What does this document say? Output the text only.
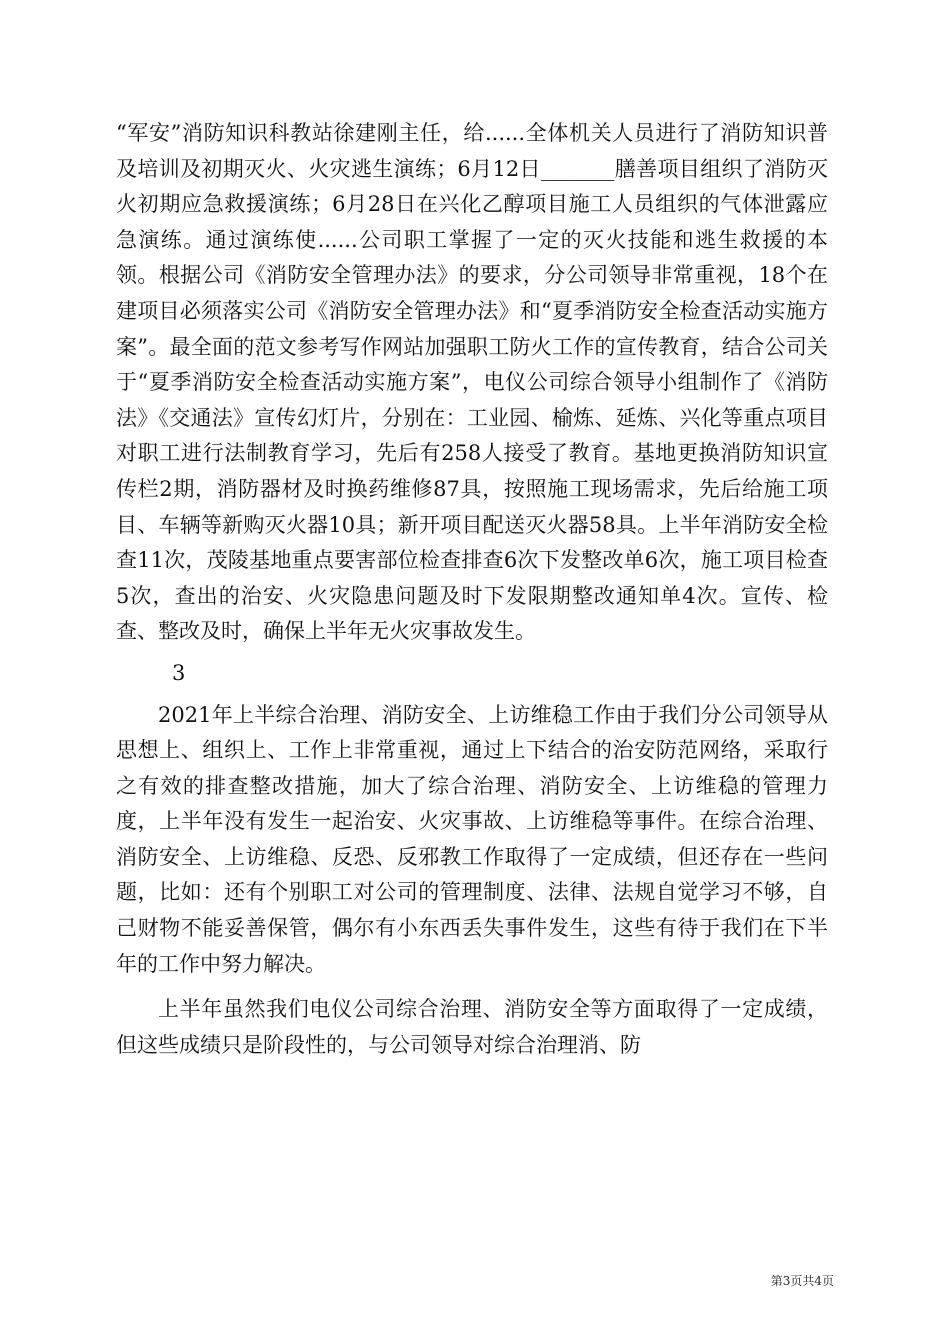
“军安”消防知识科教站徐建刚主任，给......全体机关人员进行了消防知识普及培训及初期灭火、火灾逃生演练；6月12日_______膳善项目组织了消防灭火初期应急救援演练；6月28日在兴化乙醇项目施工人员组织的气体泄露应急演练。通过演练使......公司职工掌握了一定的灭火技能和逃生救援的本领。根据公司《消防安全管理办法》的要求，分公司领导非常重视，18个在建项目必须落实公司《消防安全管理办法》和“夏季消防安全检查活动实施方案”。最全面的范文参考写作网站加强职工防火工作的宣传教育，结合公司关于“夏季消防安全检查活动实施方案”，电仪公司综合领导小组制作了《消防法》《交通法》宣传幻灯片，分别在：工业园、榆炼、延炼、兴化等重点项目对职工进行法制教育学习，先后有258人接受了教育。基地更换消防知识宣传栏2期，消防器材及时换药维修87具，按照施工现场需求，先后给施工项目、车辆等新购灭火器10具；新开项目配送灭火器58具。上半年消防安全检查11次，茂陵基地重点要害部位检查排查6次下发整改单6次，施工项目检查5次，查出的治安、火灾隐患问题及时下发限期整改通知单4次。宣传、检查、整改及时，确保上半年无火灾事故发生。

3

2021年上半综合治理、消防安全、上访维稳工作由于我们分公司领导从思想上、组织上、工作上非常重视，通过上下结合的治安防范网络，采取行之有效的排查整改措施，加大了综合治理、消防安全、上访维稳的管理力度，上半年没有发生一起治安、火灾事故、上访维稳等事件。在综合治理、消防安全、上访维稳、反恐、反邪教工作取得了一定成绩，但还存在一些问题，比如：还有个别职工对公司的管理制度、法律、法规自觉学习不够，自己财物不能妥善保管，偶尔有小东西丢失事件发生，这些有待于我们在下半年的工作中努力解决。

上半年虽然我们电仪公司综合治理、消防安全等方面取得了一定成绩，但这些成绩只是阶段性的，与公司领导对综合治理消、防

第3页共4页
